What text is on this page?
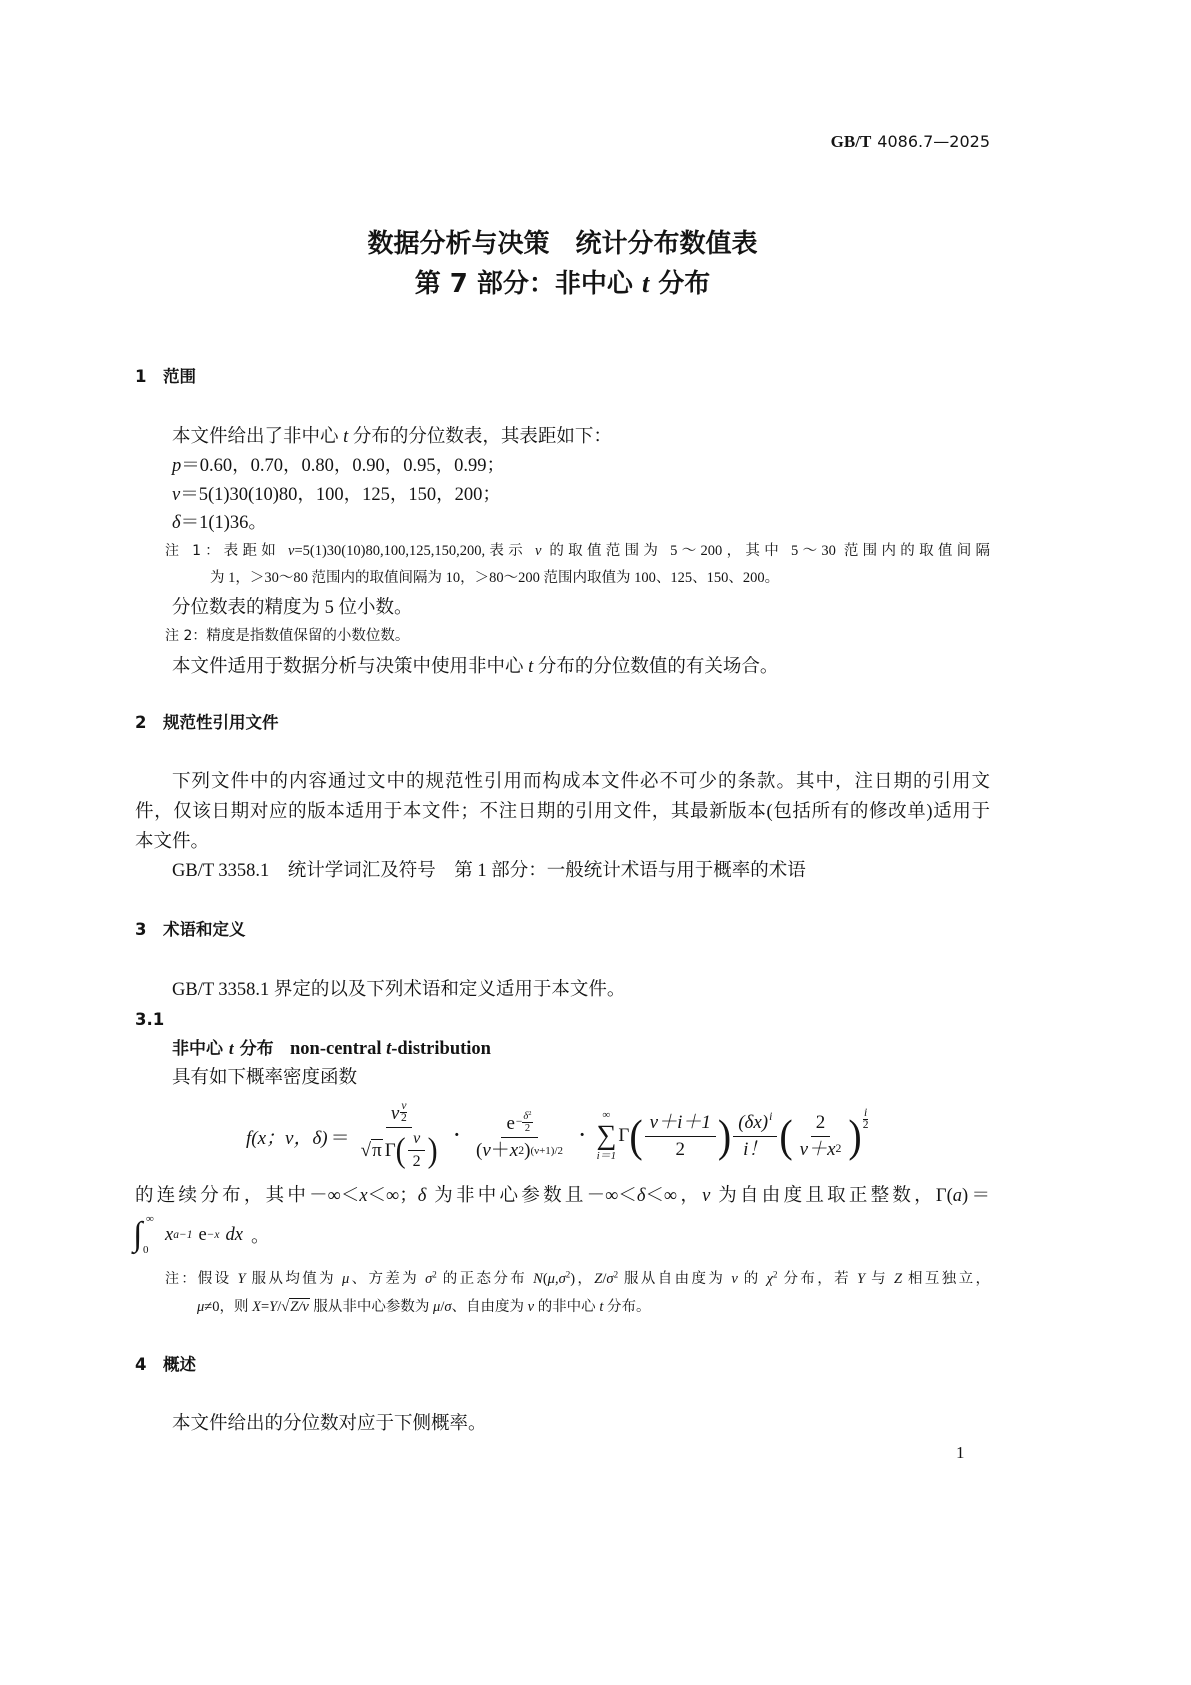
GB/T 4086.7—2025
数据分析与决策　统计分布数值表
第 7 部分：非中心 t 分布
1 范围
本文件给出了非中心 t 分布的分位数表，其表距如下：
p＝0.60，0.70，0.80，0.90，0.95，0.99；
ν＝5(1)30(10)80，100，125，150，200；
δ＝1(1)36。
注 1：表距如 ν=5(1)30(10)80,100,125,150,200,表示 ν 的取值范围为 5～200，其中 5～30 范围内的取值间隔
为 1，＞30～80 范围内的取值间隔为 10，＞80～200 范围内取值为 100、125、150、200。
分位数表的精度为 5 位小数。
注 2：精度是指数值保留的小数位数。
本文件适用于数据分析与决策中使用非中心 t 分布的分位数值的有关场合。
2 规范性引用文件
下列文件中的内容通过文中的规范性引用而构成本文件必不可少的条款。其中，注日期的引用文
件，仅该日期对应的版本适用于本文件；不注日期的引用文件，其最新版本(包括所有的修改单)适用于
本文件。
GB/T 3358.1　统计学词汇及符号　第 1 部分：一般统计术语与用于概率的术语
3 术语和定义
GB/T 3358.1 界定的以及下列术语和定义适用于本文件。
3.1
非中心 t 分布 non-central t-distribution
具有如下概率密度函数
f(x；ν，δ) ＝
ν $\frac{\nu}{2}$
√ π Γ ( $\frac{\nu}{2}$ ) ·
$e - \frac{\delta^2}{2}$
( ν ＋ x 2 ) (ν+1)/2
·
∞
∑
i＝1
Γ ( $\frac{\nu+i+1}{2}$ ) $\frac{(\delta x) i}{i!}$ ( $\frac{2}{\nu+x 2}$ ) $\frac{i}{2}$
的连续分布，其中－∞＜x＜∞；δ 为非中心参数且－∞＜δ＜∞，ν 为自由度且取正整数，Γ(a)＝
∫ ∞
0
x a−1 e −x dx 。
注：假设 Y 服从均值为 μ、方差为 $\sigma^2$ 的正态分布 $N(\mu,\sigma^2)$，$Z/\sigma^2$ 服从自由度为 ν 的 $\chi^2$ 分布，若 Y 与 Z 相互独立，
μ≠0，则 X=Y/√Z/ν 服从非中心参数为 μ/σ、自由度为 ν 的非中心 t 分布。
4 概述
本文件给出的分位数对应于下侧概率。
1
